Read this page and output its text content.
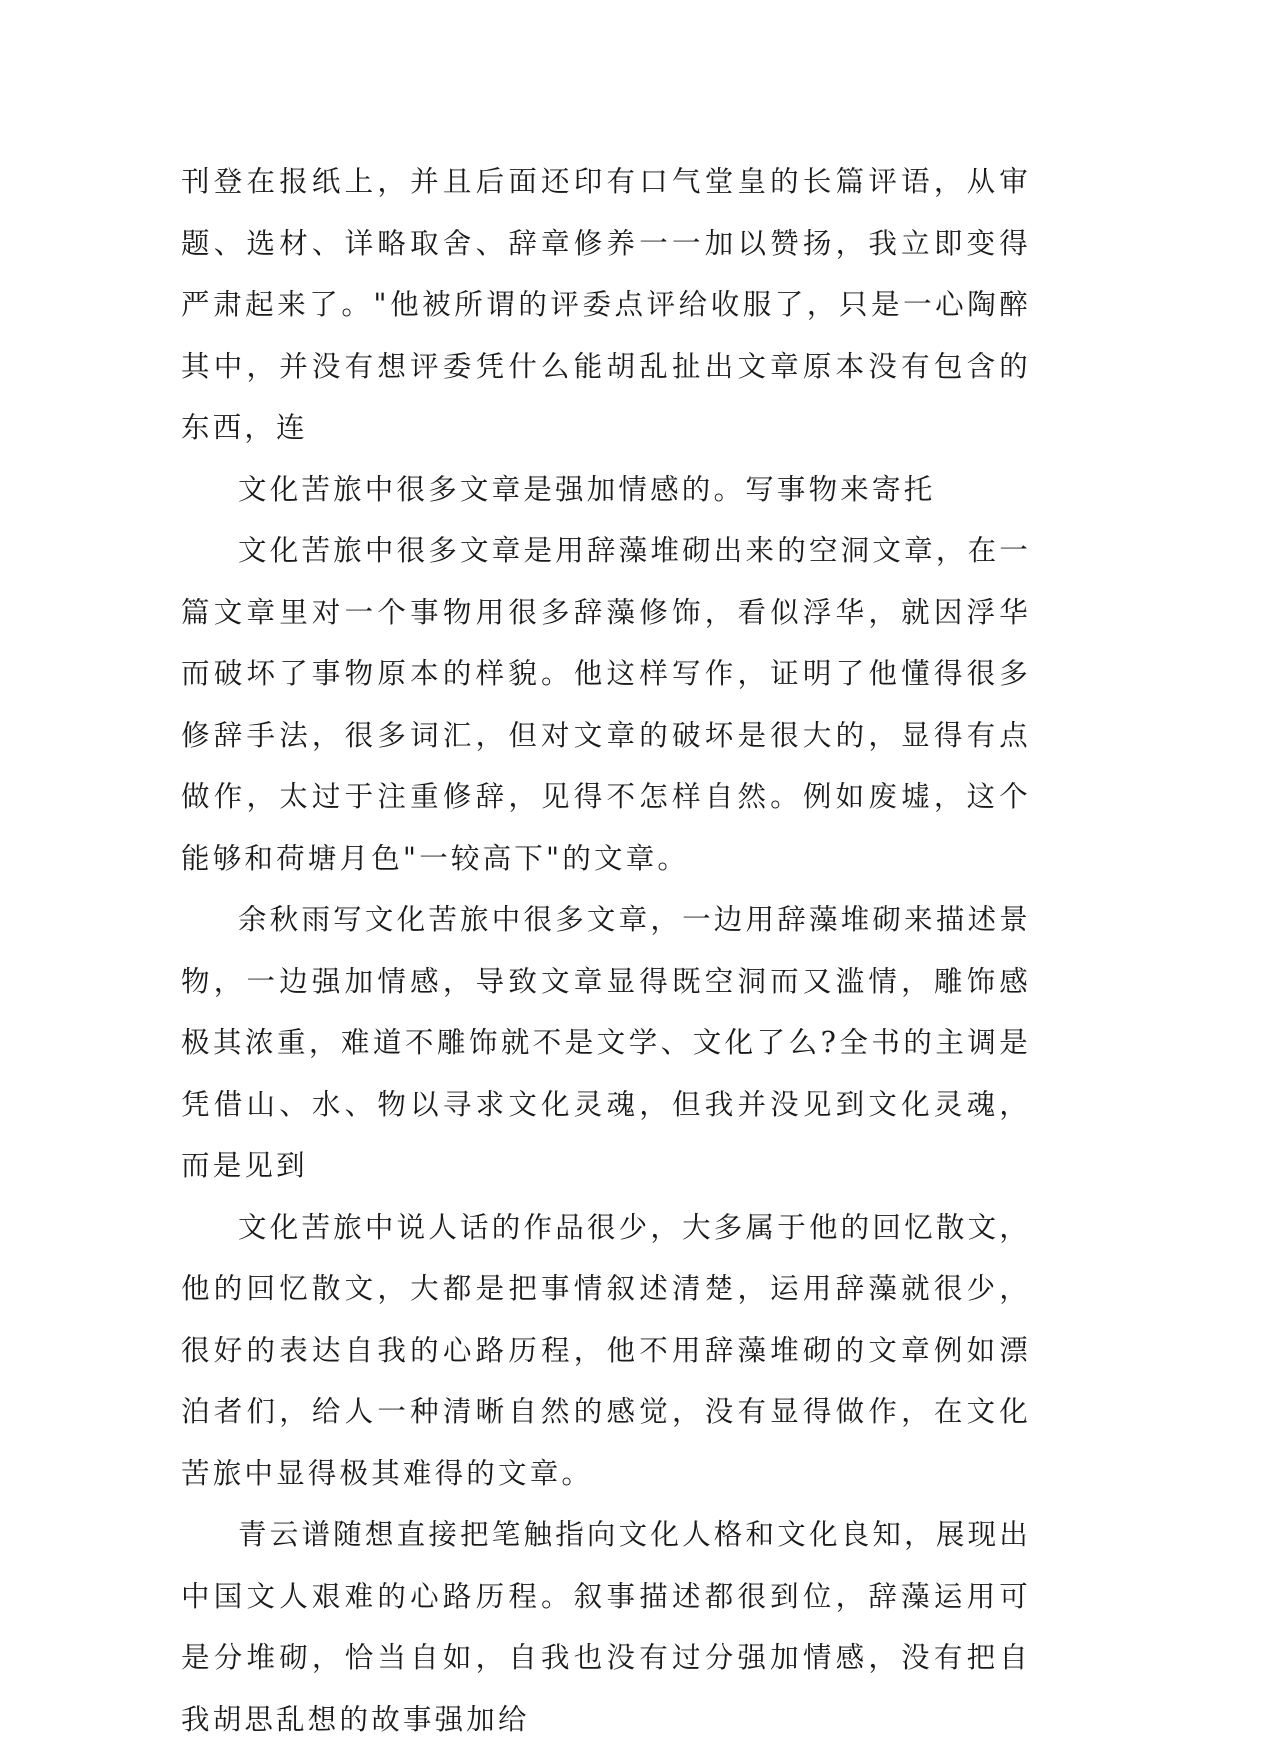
刊登在报纸上，并且后面还印有口气堂皇的长篇评语，从审题、选材、详略取舍、辞章修养一一加以赞扬，我立即变得严肃起来了。"他被所谓的评委点评给收服了，只是一心陶醉其中，并没有想评委凭什么能胡乱扯出文章原本没有包含的东西，连

文化苦旅中很多文章是强加情感的。写事物来寄托

文化苦旅中很多文章是用辞藻堆砌出来的空洞文章，在一篇文章里对一个事物用很多辞藻修饰，看似浮华，就因浮华而破坏了事物原本的样貌。他这样写作，证明了他懂得很多修辞手法，很多词汇，但对文章的破坏是很大的，显得有点做作，太过于注重修辞，见得不怎样自然。例如废墟，这个能够和荷塘月色"一较高下"的文章。

余秋雨写文化苦旅中很多文章，一边用辞藻堆砌来描述景物，一边强加情感，导致文章显得既空洞而又滥情，雕饰感极其浓重，难道不雕饰就不是文学、文化了么?全书的主调是凭借山、水、物以寻求文化灵魂，但我并没见到文化灵魂，而是见到

文化苦旅中说人话的作品很少，大多属于他的回忆散文，他的回忆散文，大都是把事情叙述清楚，运用辞藻就很少，很好的表达自我的心路历程，他不用辞藻堆砌的文章例如漂泊者们，给人一种清晰自然的感觉，没有显得做作，在文化苦旅中显得极其难得的文章。

青云谱随想直接把笔触指向文化人格和文化良知，展现出中国文人艰难的心路历程。叙事描述都很到位，辞藻运用可是分堆砌，恰当自如，自我也没有过分强加情感，没有把自我胡思乱想的故事强加给
